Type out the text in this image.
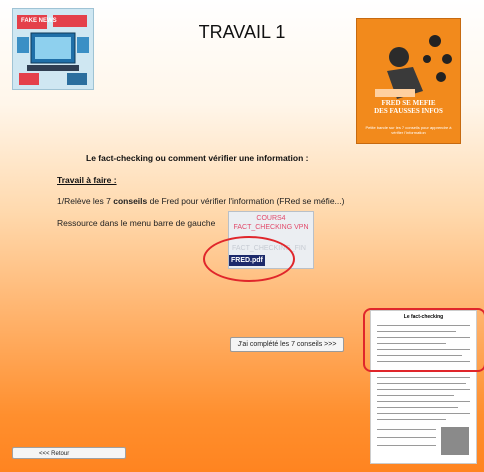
FAKE NEWS
TRAVAIL 1
FRED SE MEFIE
DES FAUSSES INFOS
Petite bande sur les 7 conseils pour apprendre à vérifier l'information
Le fact-checking ou comment vérifier une information :
Travail à faire :
1/Relève les 7 conseils de Fred pour vérifier l'information (FRed se méfie...)
Ressource dans le menu barre de gauche	COURS4 FACT_CHECKING VPN
FACT_CHECKING_FIN
FRED.pdf
J'ai complété les 7 conseils >>>
Le fact-checking
<<< Retour
